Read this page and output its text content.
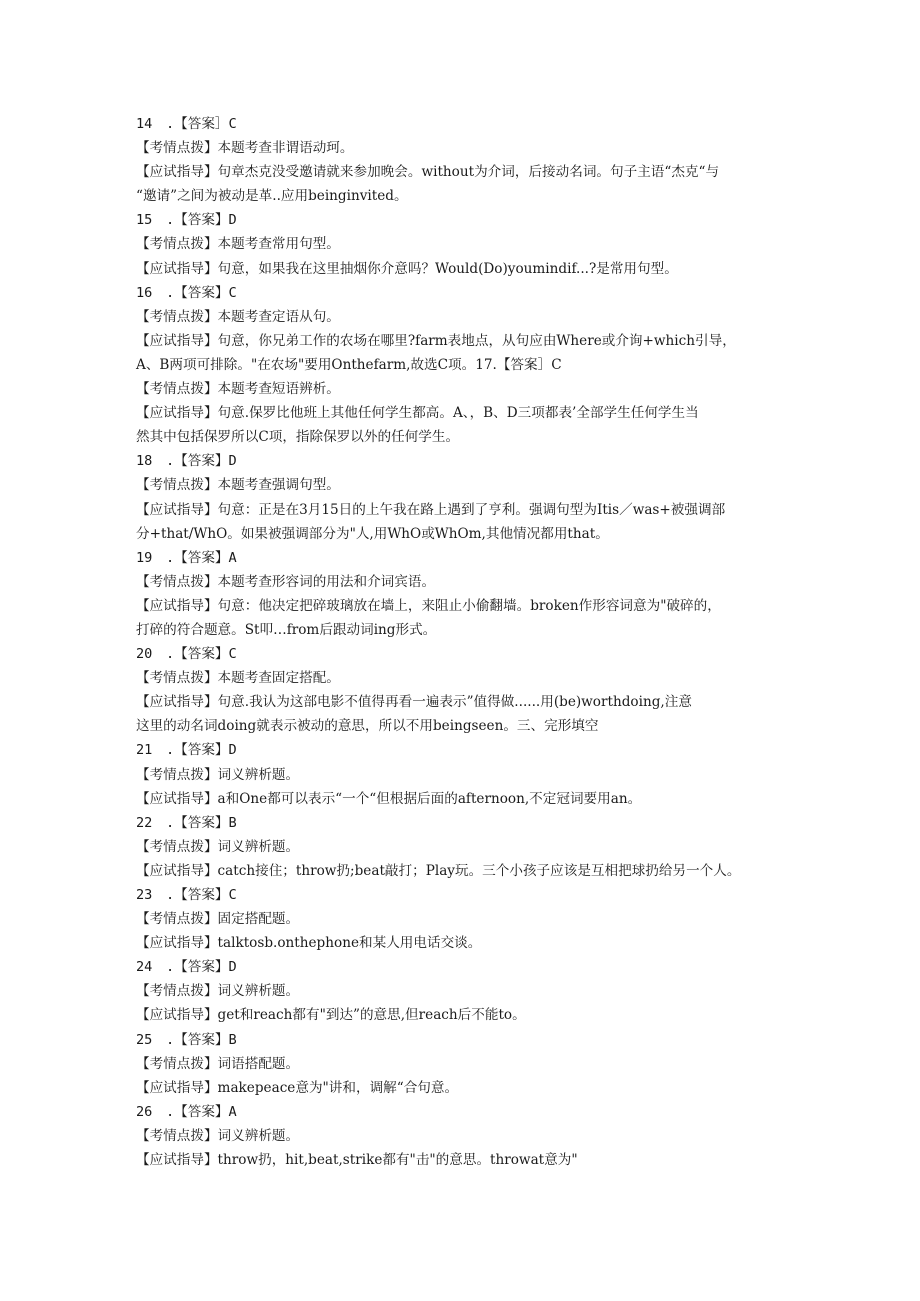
14　.【答案］C
【考情点拨】本题考查非谓语动珂。
【应试指导】句章杰克没受邀请就来参加晚会。without为介词，后接动名词。句子主语“杰克“与
“邀请”之间为被动是革..应用beinginvited。
15　.【答案】D
【考情点拨】本题考查常用句型。
【应试指导】句意，如果我在这里抽烟你介意吗？Would(Do)youmindif...?是常用句型。
16　.【答案】C
【考情点拨】本题考查定语从句。
【应试指导】句意，你兄弟工作的农场在哪里?farm表地点，从句应由Where或介询+which引导，
A、B两项可排除。"在农场"要用Onthefarm,故选C项。17.【答案］C
【考情点拨】本题考查短语辨析。
【应试指导】句意.保罗比他班上其他任何学生都高。A、，B、D三项都表’全部学生任何学生当
然其中包括保罗所以C项，指除保罗以外的任何学生。
18　.【答案】D
【考情点拨】本题考查强调句型。
【应试指导】句意：正是在3月15日的上午我在路上遇到了亨利。强调句型为Itis／was+被强调部
分+that/WhO。如果被强调部分为"人,用WhO或WhOm,其他情况都用that。
19　.【答案】A
【考情点拨】本题考查形容词的用法和介词宾语。
【应试指导】句意：他决定把碎玻璃放在墙上，来阻止小偷翻墙。broken作形容词意为"破碎的，
打碎的符合题意。St叩…from后跟动词ing形式。
20　.【答案】C
【考情点拨】本题考查固定搭配。
【应试指导】句意.我认为这部电影不值得再看一遍表示”值得做......用(be)worthdoing,注意
这里的动名词doing就表示被动的意思，所以不用beingseen。三、完形填空
21　.【答案】D
【考情点拨】词义辨析题。
【应试指导】a和One都可以表示“一个“但根据后面的afternoon,不定冠词要用an。
22　.【答案】B
【考情点拨】词义辨析题。
【应试指导】catch接住；throw扔;beat敲打；Play玩。三个小孩子应该是互相把球扔给另一个人。
23　.【答案】C
【考情点拨】固定搭配题。
【应试指导】talktosb.onthephone和某人用电话交谈。
24　.【答案】D
【考情点拨】词义辨析题。
【应试指导】get和reach都有"到达”的意思,但reach后不能to。
25　.【答案】B
【考情点拨】词语搭配题。
【应试指导】makepeace意为"讲和，调解“合句意。
26　.【答案】A
【考情点拨】词义辨析题。
【应试指导】throw扔，hit,beat,strike都有"击"的意思。throwat意为"
